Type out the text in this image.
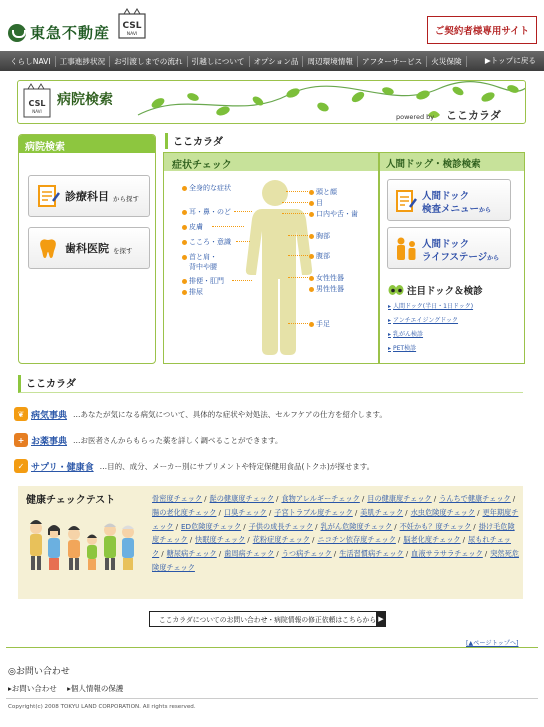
東急不動産 CSL
NAVI	ご契約者様専用サイト
くらしNAVI	工事進捗状況	お引渡しまでの流れ	引越しについて	オプション品	周辺環境情報	アフターサービス	火災保険	▶トップに戻る
CSL
NAVI
病院検索
powered by ここカラダ
病院検索
診療科目 から探す
歯科医院 を探す
ここカラダ
症状チェック
全身的な症状
耳・鼻・のど
皮膚
こころ・意識
首と肩・
背中や腰
排便・肛門
排尿
頭と顔
目
口内や舌・歯
胸部
腹部
女性性器
男性性器
手足
人間ドッグ・検診検索
人間ドック
検査メニューから
人間ドック
ライフステージから
注目ドック＆検診
▸ 人間ドック(半日・1日ドック)
▸ アンチエイジングドック
▸ 乳がん検診
▸ PET検診
ここカラダ
❦ 病気事典 …あなたが気になる病気について、具体的な症状や対処法、セルフケアの仕方を紹介します。
+ お薬事典 …お医者さんからもらった薬を詳しく調べることができます。
✓ サプリ・健康食 …目的、成分、メーカー別にサプリメントや特定保健用食品(トクホ)が探せます。
健康チェックテスト	骨密度チェック / 髭の健康度チェック / 食物アレルギーチェック / 目の健康度チェック / うんちで健康チェック /腸の老化度チェック / 口臭チェック / 子宮トラブル度チェック / 美肌チェック / 水虫危険度チェック / 更年期度チェック / ED危険度チェック / 子供の成長チェック / 乳がん危険度チェック / 不妊かも？度チェック / 掛け毛危険度チェック / 快眠度チェック / 花粉症度チェック / ニコチン依存度チェック / 脳老化度チェック / 尿もれチェック / 糖尿病チェック / 歯周病チェック / うつ病チェック / 生活習慣病チェック / 血液サラサラチェック / 突然死危険度チェック
ここカラダについてのお問い合わせ・病院情報の修正依頼はこちらから ▶
[▲ページトップへ]
◎お問い合わせ
▸お問い合わせ ▸個人情報の保護
Copyright(c) 2008 TOKYU LAND CORPORATION. All rights reserved.
